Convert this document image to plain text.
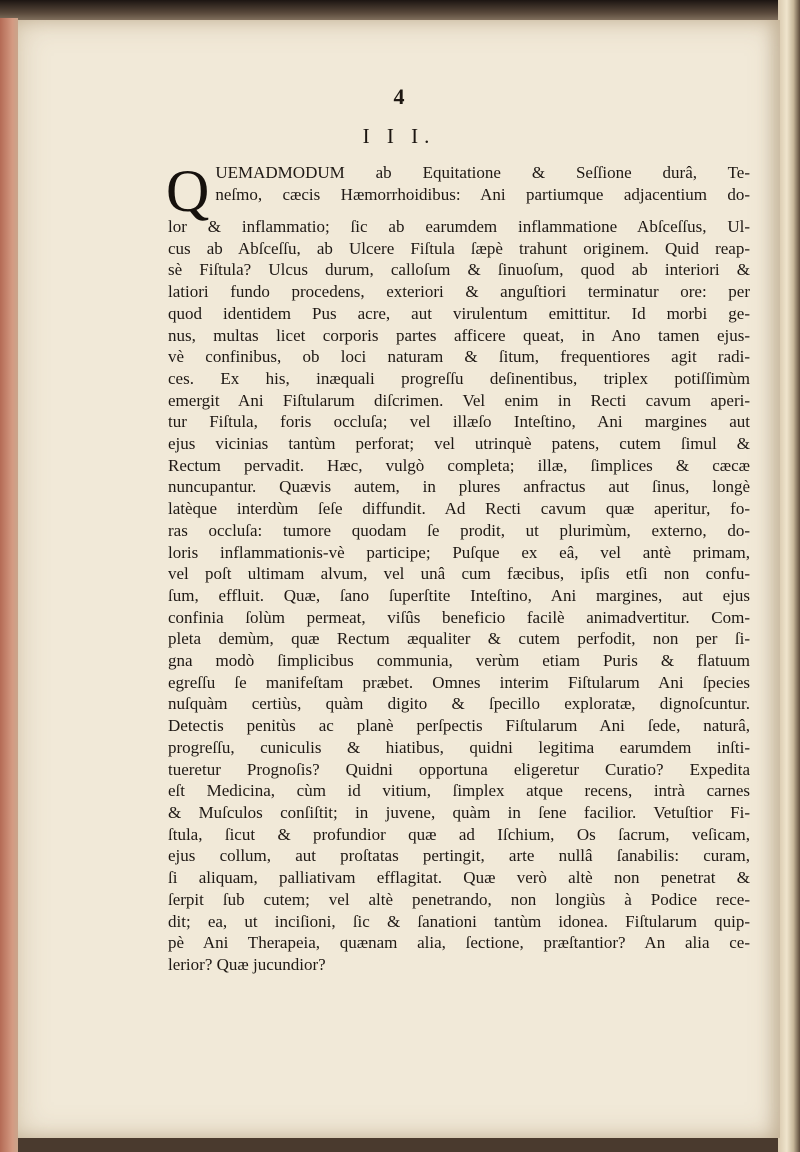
4
I I I.
Q UEMADMODUM ab Equitatione & Seſſione durâ, Te-
neſmo, cæcis Hæmorrhoidibus: Ani partiumque adjacentium do-
lor & inflammatio; ſic ab earumdem inflammatione Abſceſſus, Ul-
cus ab Abſceſſu, ab Ulcere Fiſtula ſæpè trahunt originem. Quid reap-
sè Fiſtula? Ulcus durum, calloſum & ſinuoſum, quod ab interiori &
latiori fundo procedens, exteriori & anguſtiori terminatur ore: per
quod identidem Pus acre, aut virulentum emittitur. Id morbi ge-
nus, multas licet corporis partes afficere queat, in Ano tamen ejus-
vè confinibus, ob loci naturam & ſitum, frequentiores agit radi-
ces. Ex his, inæquali progreſſu deſinentibus, triplex potiſſimùm
emergit Ani Fiſtularum diſcrimen. Vel enim in Recti cavum aperi-
tur Fiſtula, foris occluſa; vel illæſo Inteſtino, Ani margines aut
ejus vicinias tantùm perforat; vel utrinquè patens, cutem ſimul &
Rectum pervadit. Hæc, vulgò completa; illæ, ſimplices & cæcæ
nuncupantur. Quævis autem, in plures anfractus aut ſinus, longè
latèque interdùm ſeſe diffundit. Ad Recti cavum quæ aperitur, fo-
ras occluſa: tumore quodam ſe prodit, ut plurimùm, externo, do-
loris inflammationis-vè participe; Puſque ex eâ, vel antè primam,
vel poſt ultimam alvum, vel unâ cum fæcibus, ipſis etſi non confu-
ſum, effluit. Quæ, ſano ſuperſtite Inteſtino, Ani margines, aut ejus
confinia ſolùm permeat, viſûs beneficio facilè animadvertitur. Com-
pleta demùm, quæ Rectum æqualiter & cutem perfodit, non per ſi-
gna modò ſimplicibus communia, verùm etiam Puris & flatuum
egreſſu ſe manifeſtam præbet. Omnes interim Fiſtularum Ani ſpecies
nuſquàm certiùs, quàm digito & ſpecillo exploratæ, dignoſcuntur.
Detectis penitùs ac planè perſpectis Fiſtularum Ani ſede, naturâ,
progreſſu, cuniculis & hiatibus, quidni legitima earumdem inſti-
tueretur Prognoſis? Quidni opportuna eligeretur Curatio? Expedita
eſt Medicina, cùm id vitium, ſimplex atque recens, intrà carnes
& Muſculos conſiſtit; in juvene, quàm in ſene facilior. Vetuſtior Fi-
ſtula, ſicut & profundior quæ ad Iſchium, Os ſacrum, veſicam,
ejus collum, aut proſtatas pertingit, arte nullâ ſanabilis: curam,
ſi aliquam, palliativam efflagitat. Quæ verò altè non penetrat &
ſerpit ſub cutem; vel altè penetrando, non longiùs à Podice rece-
dit; ea, ut inciſioni, ſic & ſanationi tantùm idonea. Fiſtularum quip-
pè Ani Therapeia, quænam alia, ſectione, præſtantior? An alia ce-
lerior? Quæ jucundior?
